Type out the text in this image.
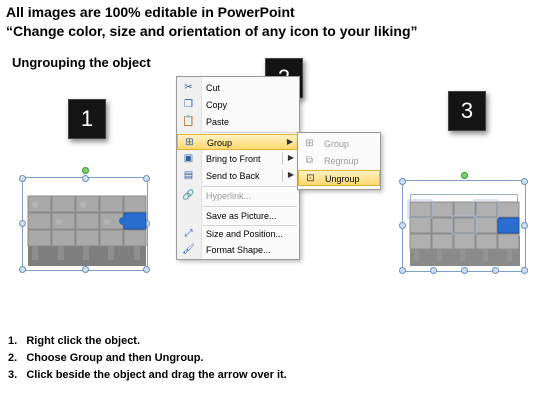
All images are 100% editable in PowerPoint
“Change color, size and orientation of any icon to your liking”
Ungrouping the object
1	3
✂ Cut
❐ Copy
📋 Paste
⊞ Group	▶
▣ Bring to Front	▶
▤ Send to Back	▶
🔗 Hyperlink...
Save as Picture...
⤢ Size and Position...
🖌 Format Shape...
⊞ Group
⧉	Regroup
⊡ Ungroup
1.   Right click the object.
2.   Choose Group and then Ungroup.
3.   Click beside the object and drag the arrow over it.
